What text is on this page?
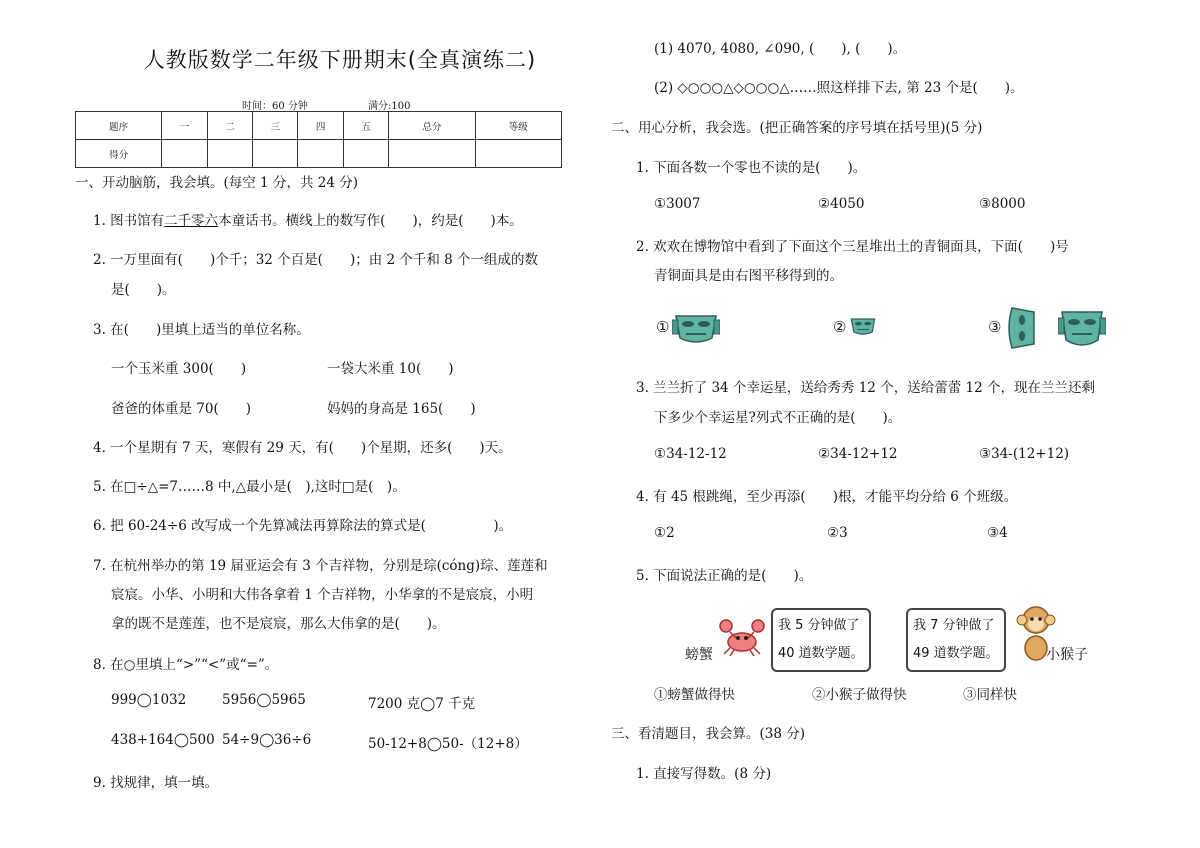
人教版数学二年级下册期末(全真演练二)
时间：60 分钟	满分:100
题序	一	二	三	四	五	总分	等级
得分							
一、开动脑筋，我会填。(每空 1 分，共 24 分)
1. 图书馆有二千零六本童话书。横线上的数写作(　　)，约是(　　)本。
2. 一万里面有(　　)个千；32 个百是(　　)；由 2 个千和 8 个一组成的数
是(　　)。
3. 在(　　)里填上适当的单位名称。
一个玉米重 300(　　)	一袋大米重 10(　　)
爸爸的体重是 70(　　)	妈妈的身高是 165(　　)
4. 一个星期有 7 天，寒假有 29 天，有(　　)个星期，还多(　　)天。
5. 在□÷△=7……8 中,△最小是(　),这时□是(　)。
6. 把 60-24÷6 改写成一个先算减法再算除法的算式是(　　　　　)。
7. 在杭州举办的第 19 届亚运会有 3 个吉祥物，分别是琮(cóng)琮、莲莲和
宸宸。小华、小明和大伟各拿着 1 个吉祥物，小华拿的不是宸宸，小明
拿的既不是莲莲，也不是宸宸，那么大伟拿的是(　　)。
8. 在○里填上“>”“<”或“=”。
999◯1032	5956◯5965	7200 克◯7 千克
438+164◯500 54÷9◯36÷6	50-12+8◯50-（12+8）
9. 找规律，填一填。
(1) 4070, 4080, ∠090, (　　), (　　)。
(2) ◇○○○△◇○○○△……照这样排下去, 第 23 个是(　　)。
二、用心分析，我会选。(把正确答案的序号填在括号里)(5 分)
1. 下面各数一个零也不读的是(　　)。
①3007	②4050	③8000
2. 欢欢在博物馆中看到了下面这个三星堆出土的青铜面具，下面(　　)号
青铜面具是由右图平移得到的。
①	②	③
3. 兰兰折了 34 个幸运星，送给秀秀 12 个，送给蕾蕾 12 个，现在兰兰还剩
下多少个幸运星?列式不正确的是(　　)。
①34-12-12	②34-12+12	③34-(12+12)
4. 有 45 根跳绳，至少再添(　　)根，才能平均分给 6 个班级。
①2	②3	③4
5. 下面说法正确的是(　　)。
螃蟹
我 5 分钟做了
40 道数学题。
我 7 分钟做了
49 道数学题。	小猴子
①螃蟹做得快	②小猴子做得快	③同样快
三、看清题目，我会算。(38 分)
1. 直接写得数。(8 分)
